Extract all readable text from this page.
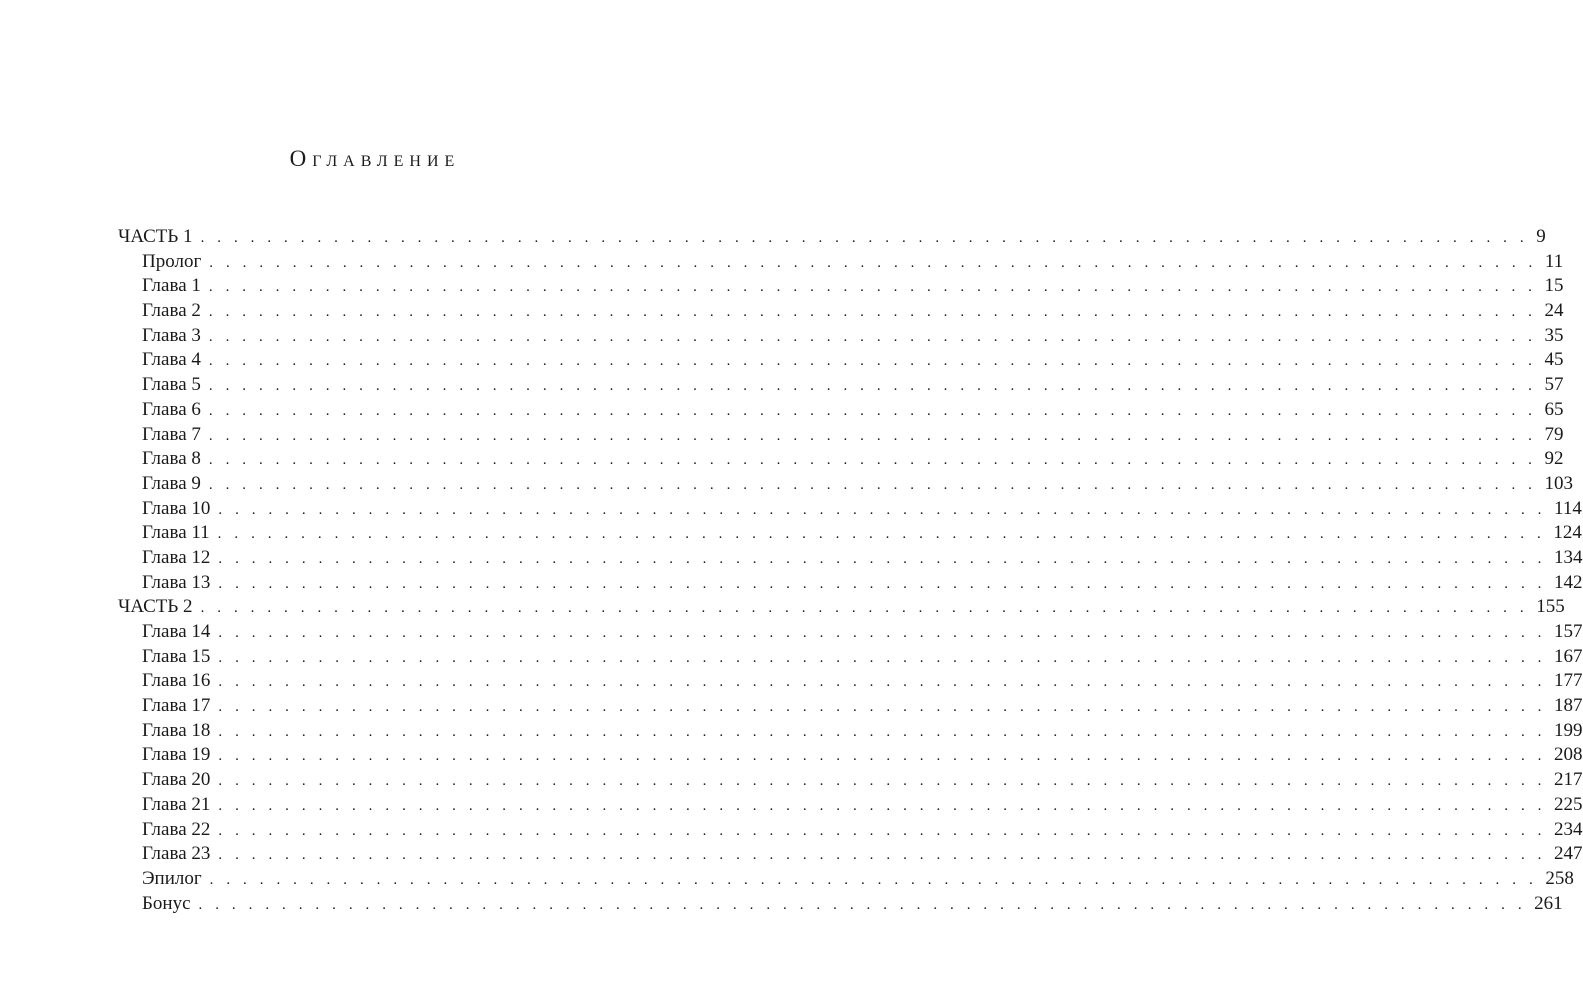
Оглавление
ЧАСТЬ 1 . . . . . . . . . . . . . . . . . . . . . . . . . . . . . . . . . . . . . . . . . . . . . . . . . . . . . . . . . . . . . . . . . . . . . . . . . . . . . . . . 9
Пролог . . . . . . . . . . . . . . . . . . . . . . . . . . . . . . . . . . . . . . . . . . . . . . . . . . . . . . . . . . . . . . . . . . . . . . . . . . . . . . . . 11
Глава 1 . . . . . . . . . . . . . . . . . . . . . . . . . . . . . . . . . . . . . . . . . . . . . . . . . . . . . . . . . . . . . . . . . . . . . . . . . . . . . . . . 15
Глава 2 . . . . . . . . . . . . . . . . . . . . . . . . . . . . . . . . . . . . . . . . . . . . . . . . . . . . . . . . . . . . . . . . . . . . . . . . . . . . . . . . 24
Глава 3 . . . . . . . . . . . . . . . . . . . . . . . . . . . . . . . . . . . . . . . . . . . . . . . . . . . . . . . . . . . . . . . . . . . . . . . . . . . . . . . . 35
Глава 4 . . . . . . . . . . . . . . . . . . . . . . . . . . . . . . . . . . . . . . . . . . . . . . . . . . . . . . . . . . . . . . . . . . . . . . . . . . . . . . . . 45
Глава 5 . . . . . . . . . . . . . . . . . . . . . . . . . . . . . . . . . . . . . . . . . . . . . . . . . . . . . . . . . . . . . . . . . . . . . . . . . . . . . . . . 57
Глава 6 . . . . . . . . . . . . . . . . . . . . . . . . . . . . . . . . . . . . . . . . . . . . . . . . . . . . . . . . . . . . . . . . . . . . . . . . . . . . . . . . 65
Глава 7 . . . . . . . . . . . . . . . . . . . . . . . . . . . . . . . . . . . . . . . . . . . . . . . . . . . . . . . . . . . . . . . . . . . . . . . . . . . . . . . . 79
Глава 8 . . . . . . . . . . . . . . . . . . . . . . . . . . . . . . . . . . . . . . . . . . . . . . . . . . . . . . . . . . . . . . . . . . . . . . . . . . . . . . . . 92
Глава 9 . . . . . . . . . . . . . . . . . . . . . . . . . . . . . . . . . . . . . . . . . . . . . . . . . . . . . . . . . . . . . . . . . . . . . . . . . . . . . . . . 103
Глава 10 . . . . . . . . . . . . . . . . . . . . . . . . . . . . . . . . . . . . . . . . . . . . . . . . . . . . . . . . . . . . . . . . . . . . . . . . . . . . . . . . 114
Глава 11 . . . . . . . . . . . . . . . . . . . . . . . . . . . . . . . . . . . . . . . . . . . . . . . . . . . . . . . . . . . . . . . . . . . . . . . . . . . . . . . . 124
Глава 12 . . . . . . . . . . . . . . . . . . . . . . . . . . . . . . . . . . . . . . . . . . . . . . . . . . . . . . . . . . . . . . . . . . . . . . . . . . . . . . . . 134
Глава 13 . . . . . . . . . . . . . . . . . . . . . . . . . . . . . . . . . . . . . . . . . . . . . . . . . . . . . . . . . . . . . . . . . . . . . . . . . . . . . . . . 142
ЧАСТЬ 2 . . . . . . . . . . . . . . . . . . . . . . . . . . . . . . . . . . . . . . . . . . . . . . . . . . . . . . . . . . . . . . . . . . . . . . . . . . . . . . . . 155
Глава 14 . . . . . . . . . . . . . . . . . . . . . . . . . . . . . . . . . . . . . . . . . . . . . . . . . . . . . . . . . . . . . . . . . . . . . . . . . . . . . . . . 157
Глава 15 . . . . . . . . . . . . . . . . . . . . . . . . . . . . . . . . . . . . . . . . . . . . . . . . . . . . . . . . . . . . . . . . . . . . . . . . . . . . . . . . 167
Глава 16 . . . . . . . . . . . . . . . . . . . . . . . . . . . . . . . . . . . . . . . . . . . . . . . . . . . . . . . . . . . . . . . . . . . . . . . . . . . . . . . . 177
Глава 17 . . . . . . . . . . . . . . . . . . . . . . . . . . . . . . . . . . . . . . . . . . . . . . . . . . . . . . . . . . . . . . . . . . . . . . . . . . . . . . . . 187
Глава 18 . . . . . . . . . . . . . . . . . . . . . . . . . . . . . . . . . . . . . . . . . . . . . . . . . . . . . . . . . . . . . . . . . . . . . . . . . . . . . . . . 199
Глава 19 . . . . . . . . . . . . . . . . . . . . . . . . . . . . . . . . . . . . . . . . . . . . . . . . . . . . . . . . . . . . . . . . . . . . . . . . . . . . . . . . 208
Глава 20 . . . . . . . . . . . . . . . . . . . . . . . . . . . . . . . . . . . . . . . . . . . . . . . . . . . . . . . . . . . . . . . . . . . . . . . . . . . . . . . . 217
Глава 21 . . . . . . . . . . . . . . . . . . . . . . . . . . . . . . . . . . . . . . . . . . . . . . . . . . . . . . . . . . . . . . . . . . . . . . . . . . . . . . . . 225
Глава 22 . . . . . . . . . . . . . . . . . . . . . . . . . . . . . . . . . . . . . . . . . . . . . . . . . . . . . . . . . . . . . . . . . . . . . . . . . . . . . . . . 234
Глава 23 . . . . . . . . . . . . . . . . . . . . . . . . . . . . . . . . . . . . . . . . . . . . . . . . . . . . . . . . . . . . . . . . . . . . . . . . . . . . . . . . 247
Эпилог . . . . . . . . . . . . . . . . . . . . . . . . . . . . . . . . . . . . . . . . . . . . . . . . . . . . . . . . . . . . . . . . . . . . . . . . . . . . . . . . 258
Бонус . . . . . . . . . . . . . . . . . . . . . . . . . . . . . . . . . . . . . . . . . . . . . . . . . . . . . . . . . . . . . . . . . . . . . . . . . . . . . . . . 261
